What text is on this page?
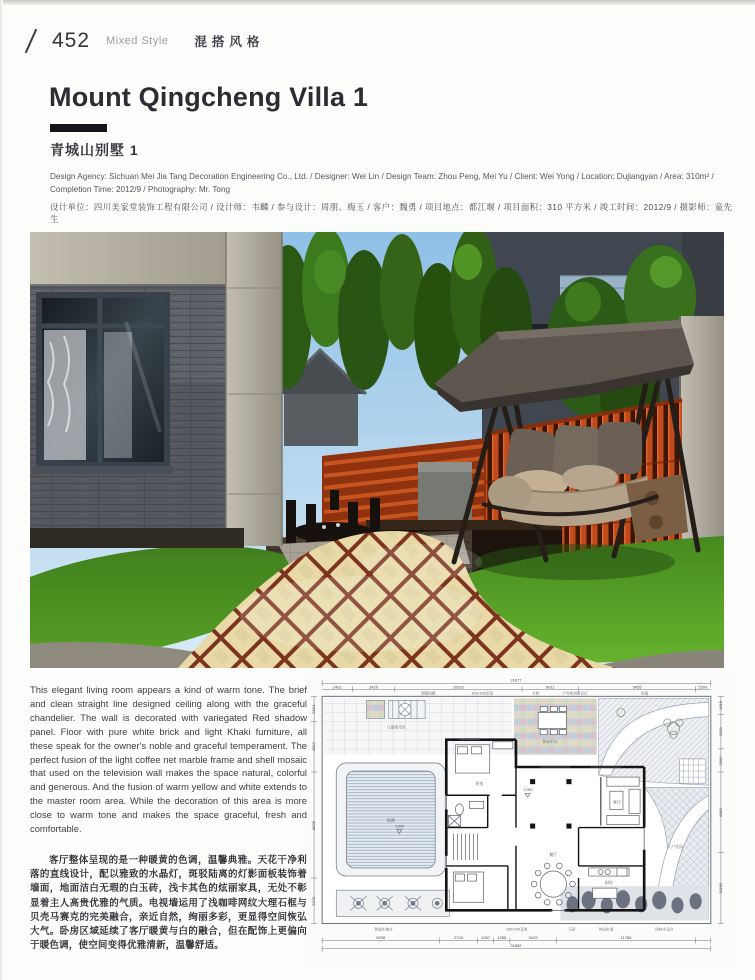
452 Mixed Style 混搭风格
Mount Qingcheng Villa 1
青城山别墅 1
Design Agency: Sichuan Mei Jia Tang Decoration Engineering Co., Ltd. / Designer: Wei Lin / Design Team: Zhou Peng, Mei Yu / Client: Wei Yong / Location: Dujiangyan / Area: 310m² / Completion Time: 2012/9 / Photography: Mr. Tong
设计单位：四川美家堂装饰工程有限公司 / 设计师：韦麟 / 参与设计：周朋、梅玉 / 客户：魏勇 / 项目地点：都江堰 / 项目面积：310 平方米 / 竣工时间：2012/9 / 摄影师：童先生
This elegant living room appears a kind of warm tone. The brief and clean straight line designed ceiling along with the graceful chandelier. The wall is decorated with variegated Red shadow panel. Floor with pure white brick and light Khaki furniture, all these speak for the owner's noble and graceful temperament. The perfect fusion of the light coffee net marble frame and shell mosaic that used on the television wall makes the space natural, colorful and generous. And the fusion of warm yellow and white extends to the master room area. While the decoration of this area is more close to warm tone and makes the space graceful, fresh and comfortable.
客厅整体呈现的是一种暖黄的色调，温馨典雅。天花干净利落的直线设计，配以雅致的水晶灯，斑驳陆离的灯影面板装饰着墙面，地面洁白无瑕的白玉砖，浅卡其色的炫丽家具，无处不彰显着主人高贵优雅的气质。电视墙运用了浅咖啡网纹大理石框与贝壳马赛克的完美融合，亲近自然，绚丽多彩，更显得空间恢弘大气。卧房区域延续了客厅暖黄与白的融合，但在配饰上更偏向于暖色调，使空间变得优雅清新，温馨舒适。
31877
2461	3429	10332	6011	9455	1500
9298	2726	1067 1258	3429	11786
31852
2254
4622
8825
3370
1815
3300
2300
8862
11150
塑钢雨棚	100+100花架	木桥	户外休闲娱乐区	绿篱
防腐木地台	100+100花架	石阶	休闲步道	园林木花台
儿童娱乐区
泳池
休闲平台
入户花园
卧室
客厅
餐厅
厨房
0.000
0.000
